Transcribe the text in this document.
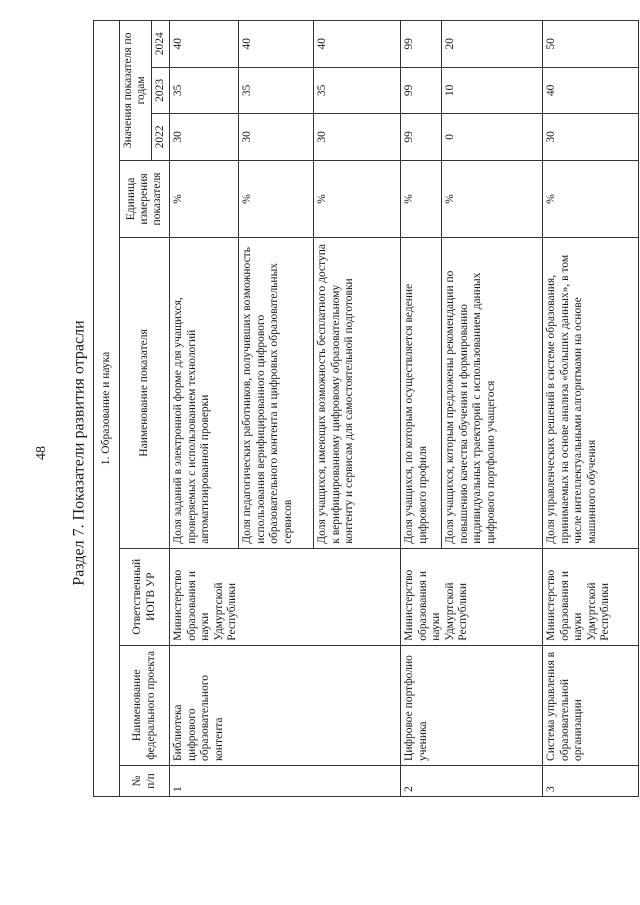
48 Раздел 7. Показатели развития отрасли 1. Образование и наука							
№ п/п	Наименование федерального проекта	Ответственный ИОГВ УР	Наименование показателя	Единица измерения показателя	Значения показателя по годам		
					2022	2023	2024
1	Библиотека цифрового образовательного контента	Министерство образования и науки Удмуртской Республики	Доля заданий в электронной форме для учащихся, проверяемых с использованием технологий автоматизированной проверки	%	30	35	40
			Доля педагогических работников, получивших возможность использования верифицированного цифрового образовательного контента и цифровых образовательных сервисов	%	30	35	40
			Доля учащихся, имеющих возможность бесплатного доступа к верифицированному цифровому образовательному контенту и сервисам для самостоятельной подготовки	%	30	35	40
2	Цифровое портфолио ученика	Министерство образования и науки Удмуртской Республики	Доля учащихся, по которым осуществляется ведение цифрового профиля	%	99	99	99
			Доля учащихся, которым предложены рекомендации по повышению качества обучения и формированию индивидуальных траекторий с использованием данных цифрового портфолио учащегося	%	0	10	20
3	Система управления в образовательной организации	Министерство образования и науки Удмуртской Республики	Доля управленческих решений в системе образования, принимаемых на основе анализа «больших данных», в том числе интеллектуальными алгоритмами на основе машинного обучения	%	30	40	50
